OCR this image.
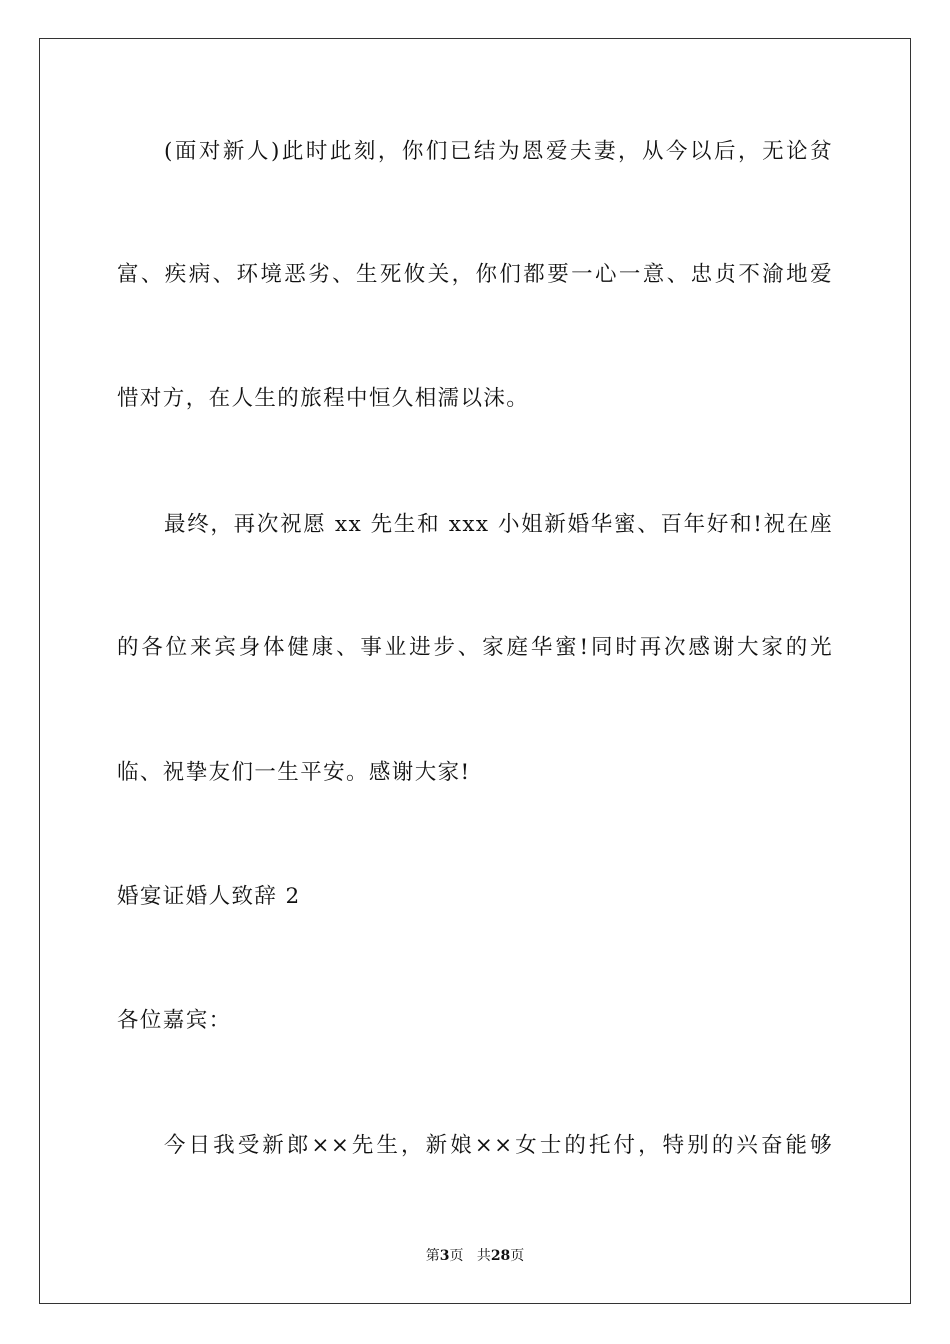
(面对新人)此时此刻，你们已结为恩爱夫妻，从今以后，无论贫
富、疾病、环境恶劣、生死攸关，你们都要一心一意、忠贞不渝地爱
惜对方，在人生的旅程中恒久相濡以沫。
最终，再次祝愿 xx 先生和 xxx 小姐新婚华蜜、百年好和!祝在座
的各位来宾身体健康、事业进步、家庭华蜜!同时再次感谢大家的光
临、祝挚友们一生平安。感谢大家!
婚宴证婚人致辞 2
各位嘉宾：
今日我受新郎××先生，新娘××女士的托付，特别的兴奋能够
第3页 共28页
